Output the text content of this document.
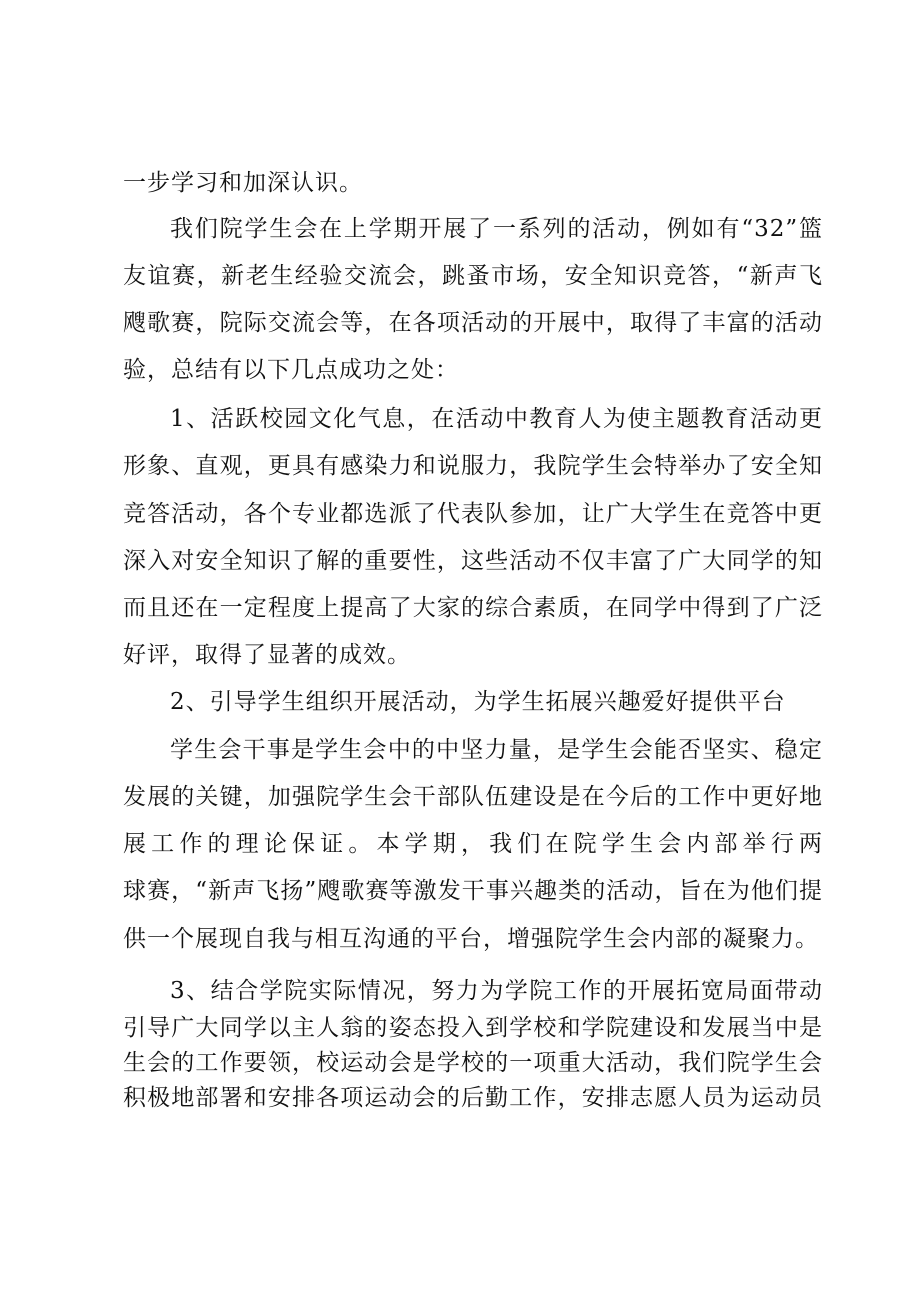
一步学习和加深认识。
我们院学生会在上学期开展了一系列的活动，例如有“32”篮
友谊赛，新老生经验交流会，跳蚤市场，安全知识竞答，“新声飞
飕歌赛，院际交流会等，在各项活动的开展中，取得了丰富的活动
验，总结有以下几点成功之处：
1、活跃校园文化气息，在活动中教育人为使主题教育活动更
形象、直观，更具有感染力和说服力，我院学生会特举办了安全知
竞答活动，各个专业都选派了代表队参加，让广大学生在竞答中更
深入对安全知识了解的重要性，这些活动不仅丰富了广大同学的知
而且还在一定程度上提高了大家的综合素质，在同学中得到了广泛
好评，取得了显著的成效。
2、引导学生组织开展活动，为学生拓展兴趣爱好提供平台
学生会干事是学生会中的中坚力量，是学生会能否坚实、稳定
发展的关键，加强院学生会干部队伍建设是在今后的工作中更好地
展工作的理论保证。本学期，我们在院学生会内部举行两
球赛，“新声飞扬”飕歌赛等激发干事兴趣类的活动，旨在为他们提
供一个展现自我与相互沟通的平台，增强院学生会内部的凝聚力。
3、结合学院实际情况，努力为学院工作的开展拓宽局面带动
引导广大同学以主人翁的姿态投入到学校和学院建设和发展当中是
生会的工作要领，校运动会是学校的一项重大活动，我们院学生会
积极地部署和安排各项运动会的后勤工作，安排志愿人员为运动员
